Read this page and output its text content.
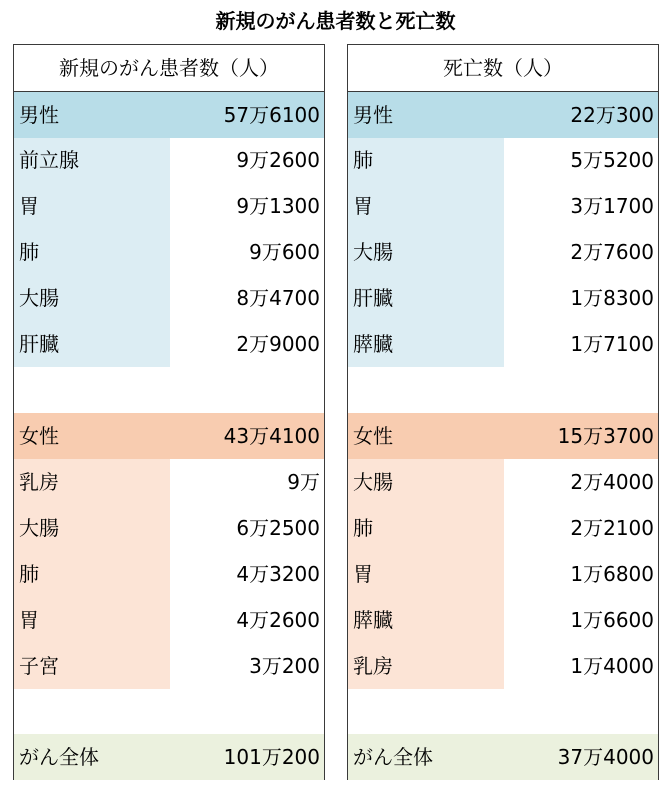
新規のがん患者数と死亡数
新規のがん患者数（人）
男性	57万6100
前立腺	9万2600
胃	9万1300
肺	9万600
大腸	8万4700
肝臓	2万9000
女性	43万4100
乳房	9万
大腸	6万2500
肺	4万3200
胃	4万2600
子宮	3万200
がん全体	101万200
死亡数（人）
男性	22万300
肺	5万5200
胃	3万1700
大腸	2万7600
肝臓	1万8300
膵臓	1万7100
女性	15万3700
大腸	2万4000
肺	2万2100
胃	1万6800
膵臓	1万6600
乳房	1万4000
がん全体	37万4000
